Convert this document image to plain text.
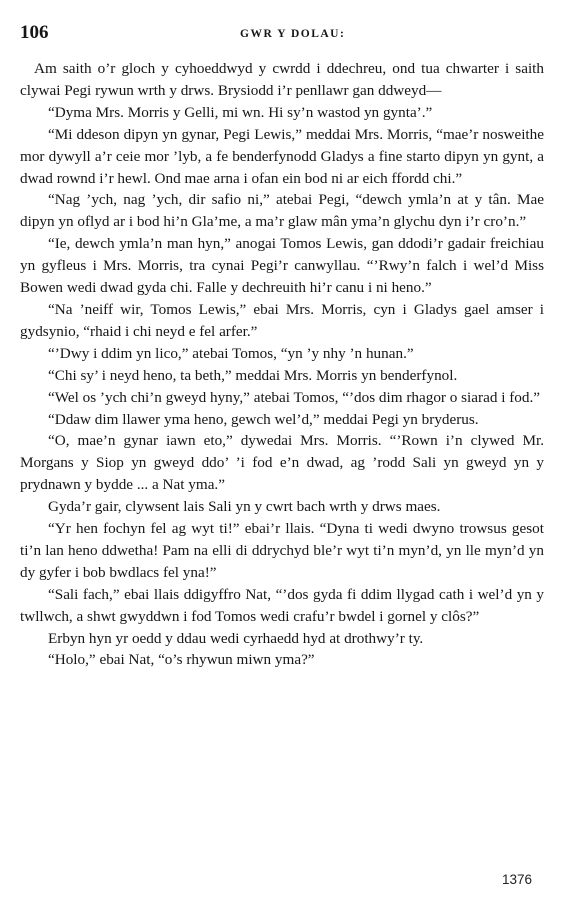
106	GWR Y DOLAU:

Am saith o’r gloch y cyhoeddwyd y cwrdd i ddechreu, ond tua chwarter i saith clywai Pegi rywun wrth y drws. Brysiodd i’r penllawr gan ddweyd—

“Dyma Mrs. Morris y Gelli, mi wn. Hi sy’n wastod yn gynta’.”

“Mi ddeson dipyn yn gynar, Pegi Lewis,” meddai Mrs. Morris, “mae’r nosweithe mor dywyll a’r ceie mor ’lyb, a fe benderfynodd Gladys a fine starto dipyn yn gynt, a dwad rownd i’r hewl. Ond mae arna i ofan ein bod ni ar eich ffordd chi.”

“Nag ’ych, nag ’ych, dir safio ni,” atebai Pegi, “dewch ymla’n at y tân. Mae dipyn yn oflyd ar i bod hi’n Gla’me, a ma’r glaw mân yma’n glychu dyn i’r cro’n.”

“Ie, dewch ymla’n man hyn,” anogai Tomos Lewis, gan ddodi’r gadair freichiau yn gyfleus i Mrs. Morris, tra cynai Pegi’r canwyllau. “’Rwy’n falch i wel’d Miss Bowen wedi dwad gyda chi. Falle y dechreuith hi’r canu i ni heno.”

“Na ’neiff wir, Tomos Lewis,” ebai Mrs. Morris, cyn i Gladys gael amser i gydsynio, “rhaid i chi neyd e fel arfer.”

“’Dwy i ddim yn lico,” atebai Tomos, “yn ’y nhy ’n hunan.”

“Chi sy’ i neyd heno, ta beth,” meddai Mrs. Morris yn benderfynol.

“Wel os ’ych chi’n gweyd hyny,” atebai Tomos, “’dos dim rhagor o siarad i fod.”

“Ddaw dim llawer yma heno, gewch wel’d,” meddai Pegi yn bryderus.

“O, mae’n gynar iawn eto,” dywedai Mrs. Morris. “’Rown i’n clywed Mr. Morgans y Siop yn gweyd ddo’ ’i fod e’n dwad, ag ’rodd Sali yn gweyd yn y prydnawn y bydde ... a Nat yma.”

Gyda’r gair, clywsent lais Sali yn y cwrt bach wrth y drws maes.

“Yr hen fochyn fel ag wyt ti!” ebai’r llais. “Dyna ti wedi dwyno trowsus gesot ti’n lan heno ddwetha! Pam na elli di ddrychyd ble’r wyt ti’n myn’d, yn lle myn’d yn dy gyfer i bob bwdlacs fel yna!”

“Sali fach,” ebai llais ddigyffro Nat, “’dos gyda fi ddim llygad cath i wel’d yn y twllwch, a shwt gwyddwn i fod Tomos wedi crafu’r bwdel i gornel y clôs?”

Erbyn hyn yr oedd y ddau wedi cyrhaedd hyd at drothwy’r ty.

“Holo,” ebai Nat, “o’s rhywun miwn yma?”

1376
